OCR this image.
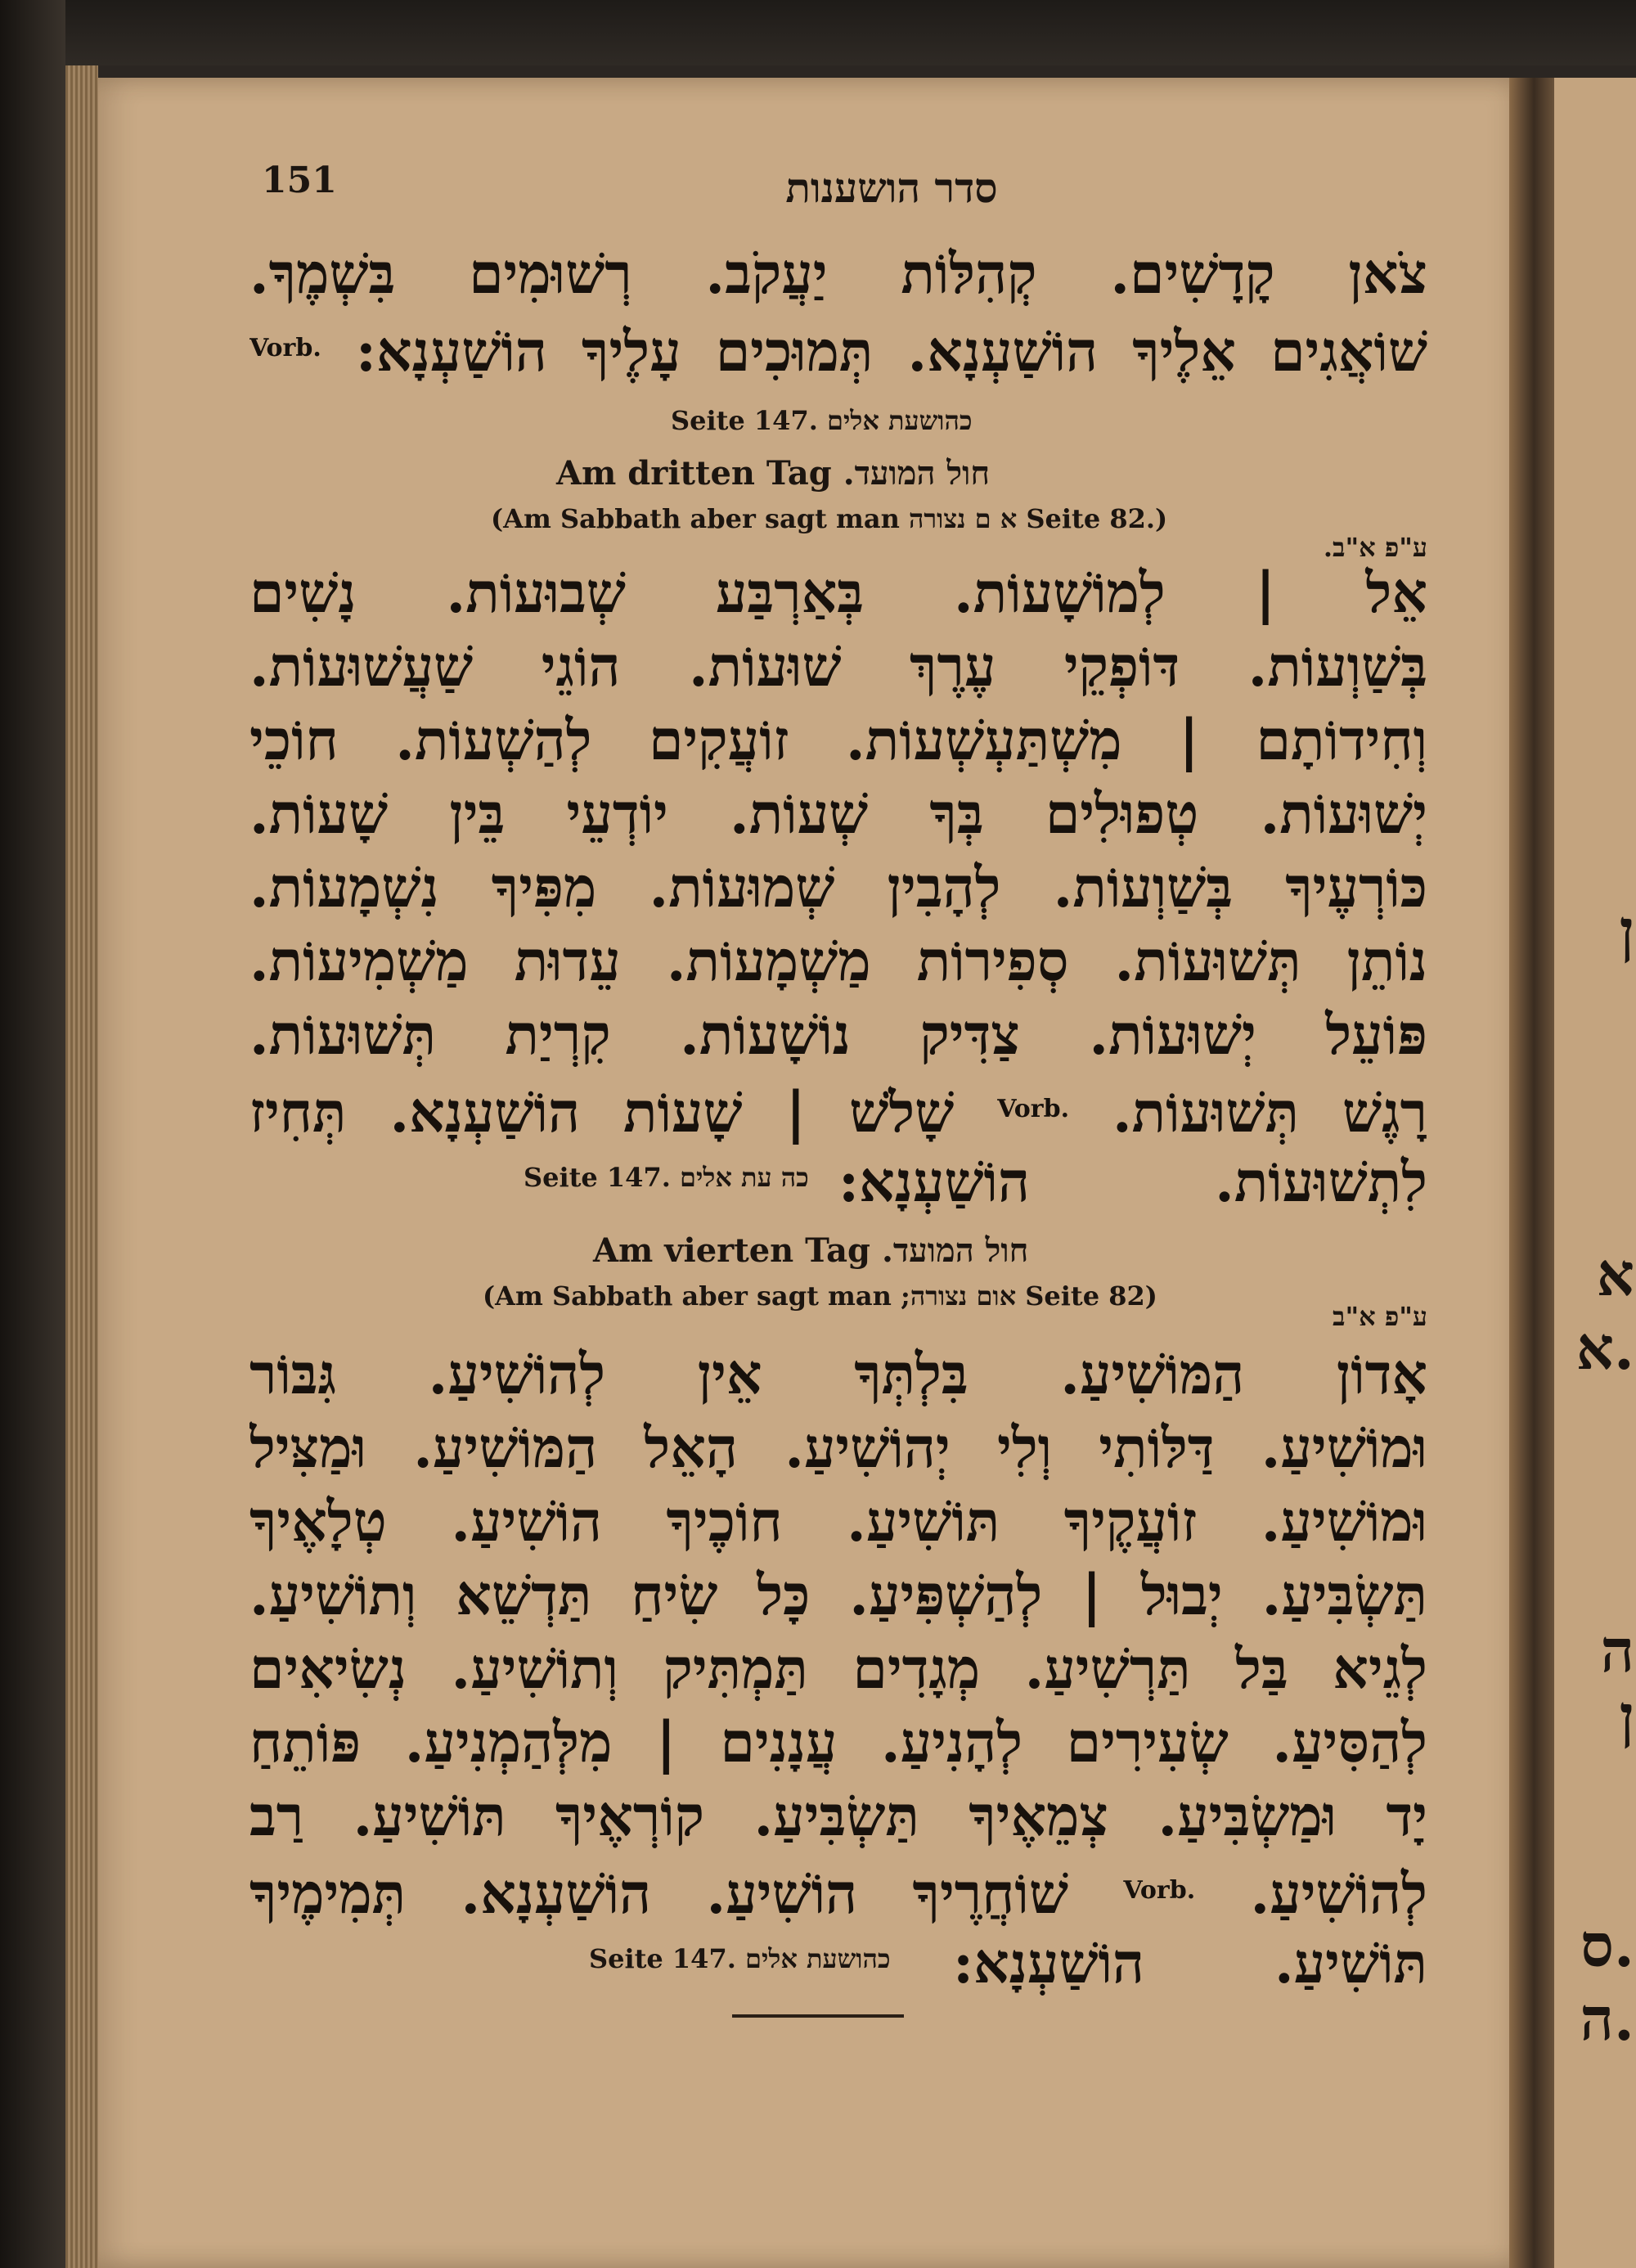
ן
א
א.
ה
ן
ס.
ה.
151	סדר הושענות
צֹאן קָדָשִׁים. קְהִלּוֹת יַעֲקֹב. רְשׁוּמִים בִּשְׁמֶךָ.
שׁוֹאֲגִים אֵלֶיךָ הוֹשַׁעְנָא. תְּמוּכִים עָלֶיךָ הוֹשַׁעְנָא: $^{Vorb.}$
Seite 147. כהושעת אלים
Am dritten Tag חול המועד.
(Am Sabbath aber sagt man א ם נצורה Seite 82.)
ע"פ א"ב.
אֵל | לְמוֹשָׁעוֹת. בְּאַרְבַּע שְׁבוּעוֹת. נָשִׁים
בְּשַׁוְעוֹת. דּוֹפְקֵי עֶרֶךְ שׁוּעוֹת. הוֹגֵי שַׁעֲשׁוּעוֹת.
וְחִידוֹתָם | מִשְׁתַּעְשְׁעוֹת. זוֹעֲקִים לְהַשְׁעוֹת. חוֹכֵי
יְשׁוּעוֹת. טְפוּלִים בְּךָ שְׁעוֹת. יוֹדְעֵי בֵּין שָׁעוֹת.
כּוֹרְעֶיךָ בְּשַׁוְעוֹת. לְהָבִין שְׁמוּעוֹת. מִפִּיךָ נִשְׁמָעוֹת.
נוֹתֵן תְּשׁוּעוֹת. סְפִירוֹת מַשְׁמָעוֹת. עֵדוּת מַשְׁמִיעוֹת.
פּוֹעֵל יְשׁוּעוֹת. צַדִּיק נוֹשָׁעוֹת. קִרְיַת תְּשׁוּעוֹת.
רָגֶשׁ תְּשׁוּעוֹת. $^{Vorb.}$ שָׁלֹשׁ | שָׁעוֹת הוֹשַׁעְנָא. תְּחִיז
לִתְשׁוּעוֹת. הוֹשַׁעְנָא:
Seite 147. עת אלים כה
Am vierten Tag חול המועד.
(Am Sabbath aber sagt man אום נצורה; Seite 82)
ע"פ א"ב
אָדוֹן הַמּוֹשִׁיעַ. בִּלְתְּךָ אֵין לְהוֹשִׁיעַ. גִּבּוֹר
וּמוֹשִׁיעַ. דַּלּוֹתִי וְלִי יְהוֹשִׁיעַ. הָאֵל הַמּוֹשִׁיעַ. וּמַצִּיל
וּמוֹשִׁיעַ. זוֹעֲקֶיךָ תּוֹשִׁיעַ. חוֹכֶיךָ הוֹשִׁיעַ. טְלָאֶיךָ
תַּשְׂבִּיעַ. יְבוּל | לְהַשְׁפִּיעַ. כָּל שִׂיחַ תַּדְשֵׁא וְתוֹשִׁיעַ.
לְגֵיא בַּל תַּרְשִׁיעַ. מְגָדִים תַּמְתִּיק וְתוֹשִׁיעַ. נְשִׂיאִים
לְהַסִּיעַ. שְׂעִירִים לְהָנִיעַ. עֲנָנִים | מִלְּהַמְנִיעַ. פּוֹתֵחַ
יָד וּמַשְׂבִּיעַ. צְמֵאֶיךָ תַּשְׂבִּיעַ. קוֹרְאֶיךָ תּוֹשִׁיעַ. רַב
לְהוֹשִׁיעַ. $^{Vorb.}$ שׁוֹחֲרֶיךָ הוֹשִׁיעַ. הוֹשַׁעְנָא. תְּמִימֶיךָ
תּוֹשִׁיעַ. הוֹשַׁעְנָא:
Seite 147. כהושעת אלים
